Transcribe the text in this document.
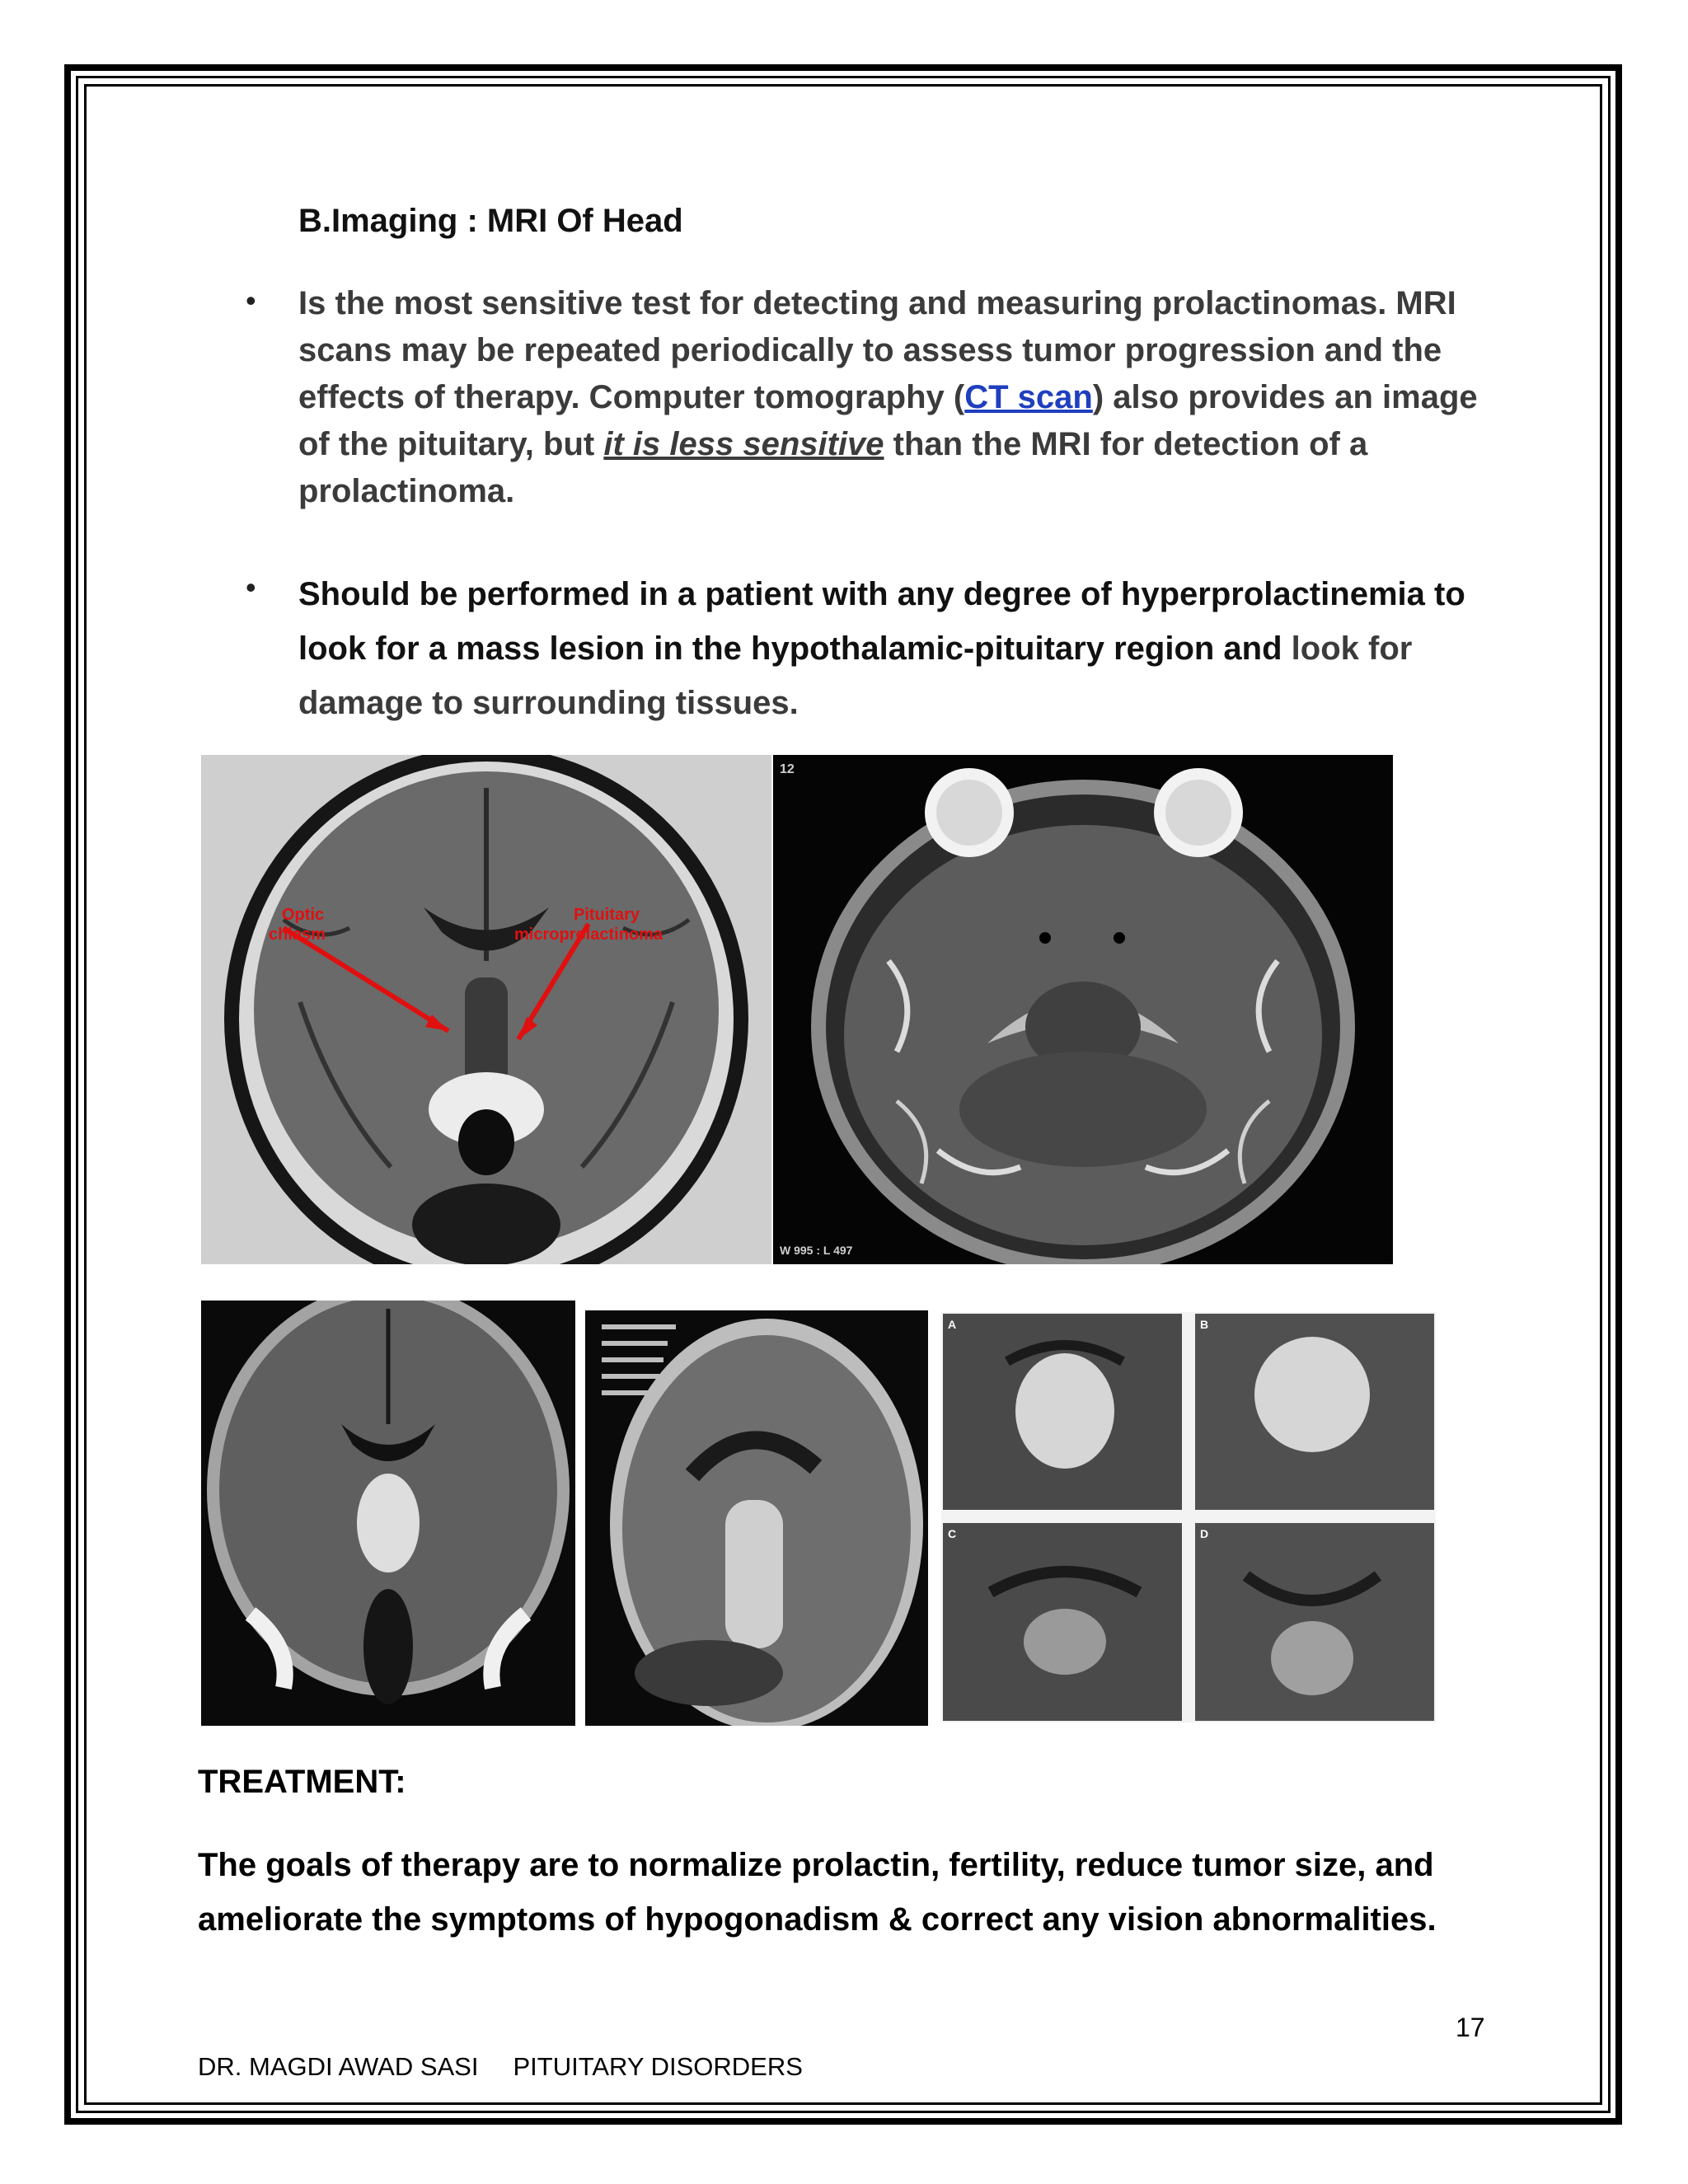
B.Imaging : MRI Of Head
• Is the most sensitive test for detecting and measuring prolactinomas. MRI scans may be repeated periodically to assess tumor progression and the effects of therapy. Computer tomography (CT scan) also provides an image of the pituitary, but it is less sensitive than the MRI for detection of a prolactinoma.
• Should be performed in a patient with any degree of hyperprolactinemia to look for a mass lesion in the hypothalamic-pituitary region and look for damage to surrounding tissues.
Optic
chiasm
Pituitary
microprolactinoma
12
W 995 : L 497
A	B
C	D
TREATMENT:
The goals of therapy are to normalize prolactin, fertility, reduce tumor size, and ameliorate the symptoms of hypogonadism & correct any vision abnormalities.
17
DR. MAGDI AWAD SASI PITUITARY DISORDERS
